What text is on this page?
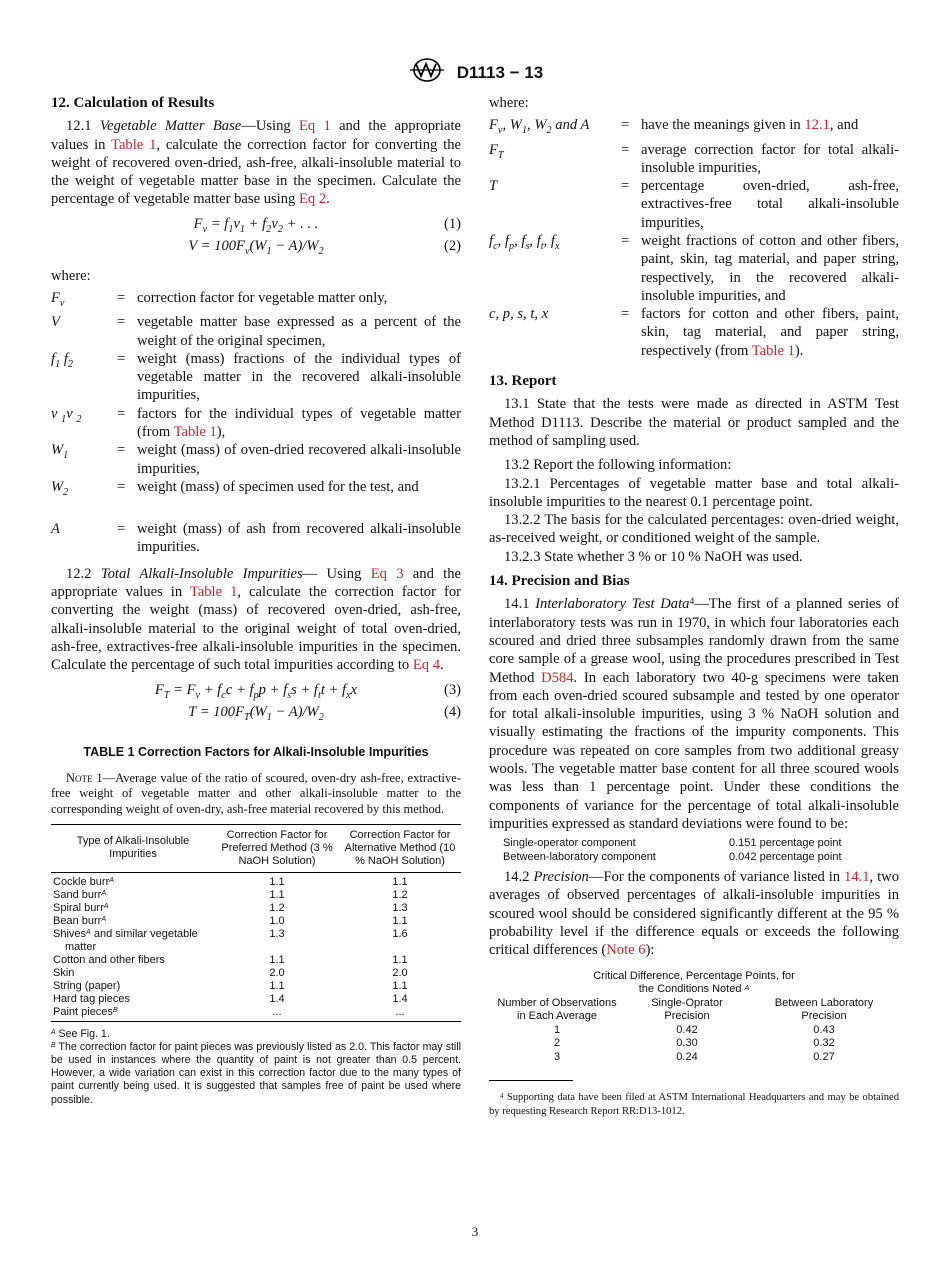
D1113 − 13
12. Calculation of Results

12.1 Vegetable Matter Base—Using Eq 1 and the appropriate values in Table 1, calculate the correction factor for converting the weight of recovered oven-dried, ash-free, alkali-insoluble material to the weight of vegetable matter base in the specimen. Calculate the percentage of vegetable matter base using Eq 2.

$F_v = f_1v_1 + f_2v_2$ + . . .	(1)
$V = 100F_v(W_1 - A)/W_2$	(2)

where:

$F_v$	=	correction factor for vegetable matter only,
V	=	vegetable matter base expressed as a percent of the weight of the original specimen,
$f_1$ $f_2$	=	weight (mass) fractions of the individual types of vegetable matter in the recovered alkali-insoluble impurities,
v $_1$v $_2$	=	factors for the individual types of vegetable matter (from Table 1),
$W_1$	=	weight (mass) of oven-dried recovered alkali-insoluble impurities,
$W_2$	=	weight (mass) of specimen used for the test, and
A	=	weight (mass) of ash from recovered alkali-insoluble impurities.

12.2 Total Alkali-Insoluble Impurities— Using Eq 3 and the appropriate values in Table 1, calculate the correction factor for converting the weight (mass) of recovered oven-dried, ash-free, alkali-insoluble material to the original weight of total oven-dried, ash-free, extractives-free alkali-insoluble impurities in the specimen. Calculate the percentage of such total impurities according to Eq 4.

$F_T = F_v + f_cc + f_pp + f_ss + f_tt + f_xx$	(3)
$T = 100F_T(W_1 - A)/W_2$	(4)
TABLE 1 Correction Factors for Alkali-Insoluble Impurities
Note 1—Average value of the ratio of scoured, oven-dry ash-free, extractive-free weight of vegetable matter and other alkali-insoluble matter to the corresponding weight of oven-dry, ash-free material recovered by this method.
Type of Alkali-Insoluble Impurities	Correction Factor for Preferred Method (3 % NaOH Solution)	Correction Factor for Alternative Method (10 % NaOH Solution)
Cockle burr$^A$	1.1	1.1
Sand burr$^A$	1.1	1.2
Spiral burr$^A$	1.2	1.3
Bean burr$^A$	1.0	1.1
Shives$^A$ and similar vegetable matter	1.3	1.6
Cotton and other fibers	1.1	1.1
Skin	2.0	2.0
String (paper)	1.1	1.1
Hard tag pieces	1.4	1.4
Paint pieces$^B$	...	...
$^A$ See Fig. 1.
$^B$ The correction factor for paint pieces was previously listed as 2.0. This factor may still be used in instances where the quantity of paint is not greater than 0.5 percent. However, a wide variation can exist in this correction factor due to the many types of paint currently being used. It is suggested that samples free of paint be used where possible.

where:

$F_v$, $W_1$, $W_2$ and A	=	have the meanings given in 12.1, and
$F_T$	=	average correction factor for total alkali-insoluble impurities,
T	=	percentage oven-dried, ash-free, extractives-free total alkali-insoluble impurities,
$f_c$, $f_p$, $f_s$, $f_t$, $f_x$	=	weight fractions of cotton and other fibers, paint, skin, tag material, and paper string, respectively, in the recovered alkali-insoluble impurities, and
c, p, s, t, x	=	factors for cotton and other fibers, paint, skin, tag material, and paper string, respectively (from Table 1).
13. Report

13.1 State that the tests were made as directed in ASTM Test Method D1113. Describe the material or product sampled and the method of sampling used.

13.2 Report the following information:

13.2.1 Percentages of vegetable matter base and total alkali-insoluble impurities to the nearest 0.1 percentage point.

13.2.2 The basis for the calculated percentages: oven-dried weight, as-received weight, or conditioned weight of the sample.

13.2.3 State whether 3 % or 10 % NaOH was used.

14. Precision and Bias

14.1 Interlaboratory Test Data$^4$—The first of a planned series of interlaboratory tests was run in 1970, in which four laboratories each scoured and dried three subsamples randomly drawn from the same core sample of a grease wool, using the procedures prescribed in Test Method D584. In each laboratory two 40-g specimens were taken from each oven-dried scoured subsample and tested by one operator for total alkali-insoluble impurities, using 3 % NaOH solution and visually estimating the fractions of the impurity components. This procedure was repeated on core samples from two additional greasy wools. The vegetable matter base content for all three scoured wools was less than 1 percentage point. Under these conditions the components of variance for the percentage of total alkali-insoluble impurities expressed as standard deviations were found to be:

Single-operator component	0.151 percentage point
Between-laboratory component	0.042 percentage point

14.2 Precision—For the components of variance listed in 14.1, two averages of observed percentages of alkali-insoluble impurities in scoured wool should be considered significantly different at the 95 % probability level if the difference equals or exceeds the following critical differences (Note 6):

Critical Difference, Percentage Points, for		
the Conditions Noted $^A$
Number of Observations	Single-Oprator	Between Laboratory
in Each Average	Precision	Precision
1	0.42	0.43
2	0.30	0.32
3	0.24	0.27
$^4$ Supporting data have been filed at ASTM International Headquarters and may be obtained by requesting Research Report RR:D13-1012.
3
